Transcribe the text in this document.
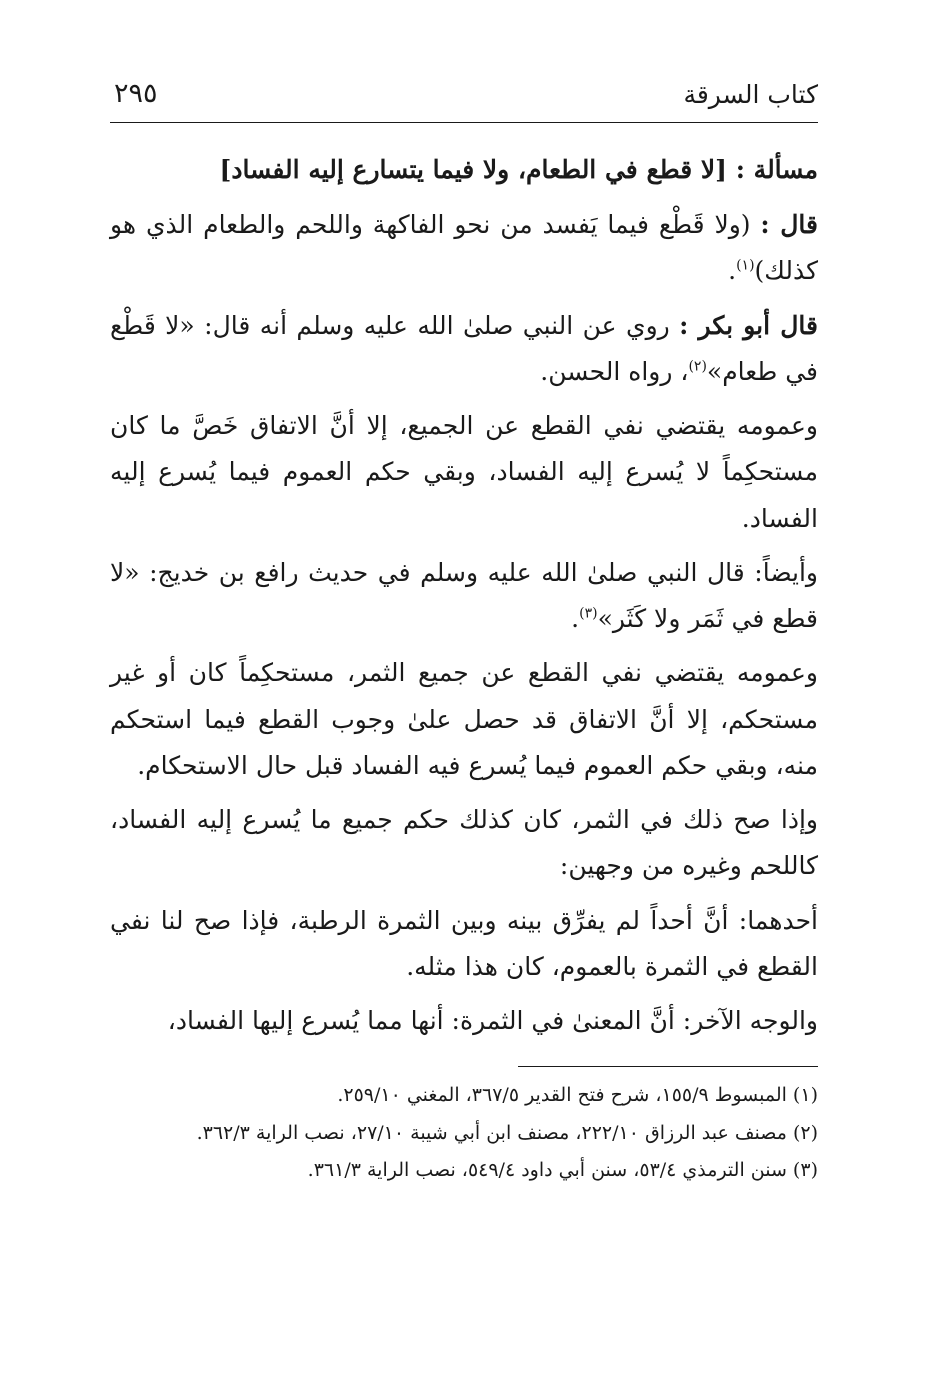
كتاب السرقة
٢٩٥
مسألة : [لا قطع في الطعام، ولا فيما يتسارع إليه الفساد]

قال : (ولا قَطْع فيما يَفسد من نحو الفاكهة واللحم والطعام الذي هو كذلك)$^{(١)}$.

قال أبو بكر : روي عن النبي صلىٰ الله عليه وسلم أنه قال: «لا قَطْع في طعام»$^{(٢)}$، رواه الحسن.

وعمومه يقتضي نفي القطع عن الجميع، إلا أنَّ الاتفاق خَصَّ ما كان مستحكِماً لا يُسرع إليه الفساد، وبقي حكم العموم فيما يُسرع إليه الفساد.

وأيضاً: قال النبي صلىٰ الله عليه وسلم في حديث رافع بن خديج: «لا قطع في ثَمَر ولا كَثَر»$^{(٣)}$.

وعمومه يقتضي نفي القطع عن جميع الثمر، مستحكِماً كان أو غير مستحكم، إلا أنَّ الاتفاق قد حصل علىٰ وجوب القطع فيما استحكم منه، وبقي حكم العموم فيما يُسرع فيه الفساد قبل حال الاستحكام.

وإذا صح ذلك في الثمر، كان كذلك حكم جميع ما يُسرع إليه الفساد، كاللحم وغيره من وجهين:

أحدهما: أنَّ أحداً لم يفرِّق بينه وبين الثمرة الرطبة، فإذا صح لنا نفي القطع في الثمرة بالعموم، كان هذا مثله.

والوجه الآخر: أنَّ المعنىٰ في الثمرة: أنها مما يُسرع إليها الفساد،

(١) المبسوط ١٥٥/٩، شرح فتح القدير ٣٦٧/٥، المغني ٢٥٩/١٠.

(٢) مصنف عبد الرزاق ٢٢٢/١٠، مصنف ابن أبي شيبة ٢٧/١٠، نصب الراية ٣٦٢/٣.

(٣) سنن الترمذي ٥٣/٤، سنن أبي داود ٥٤٩/٤، نصب الراية ٣٦١/٣.
